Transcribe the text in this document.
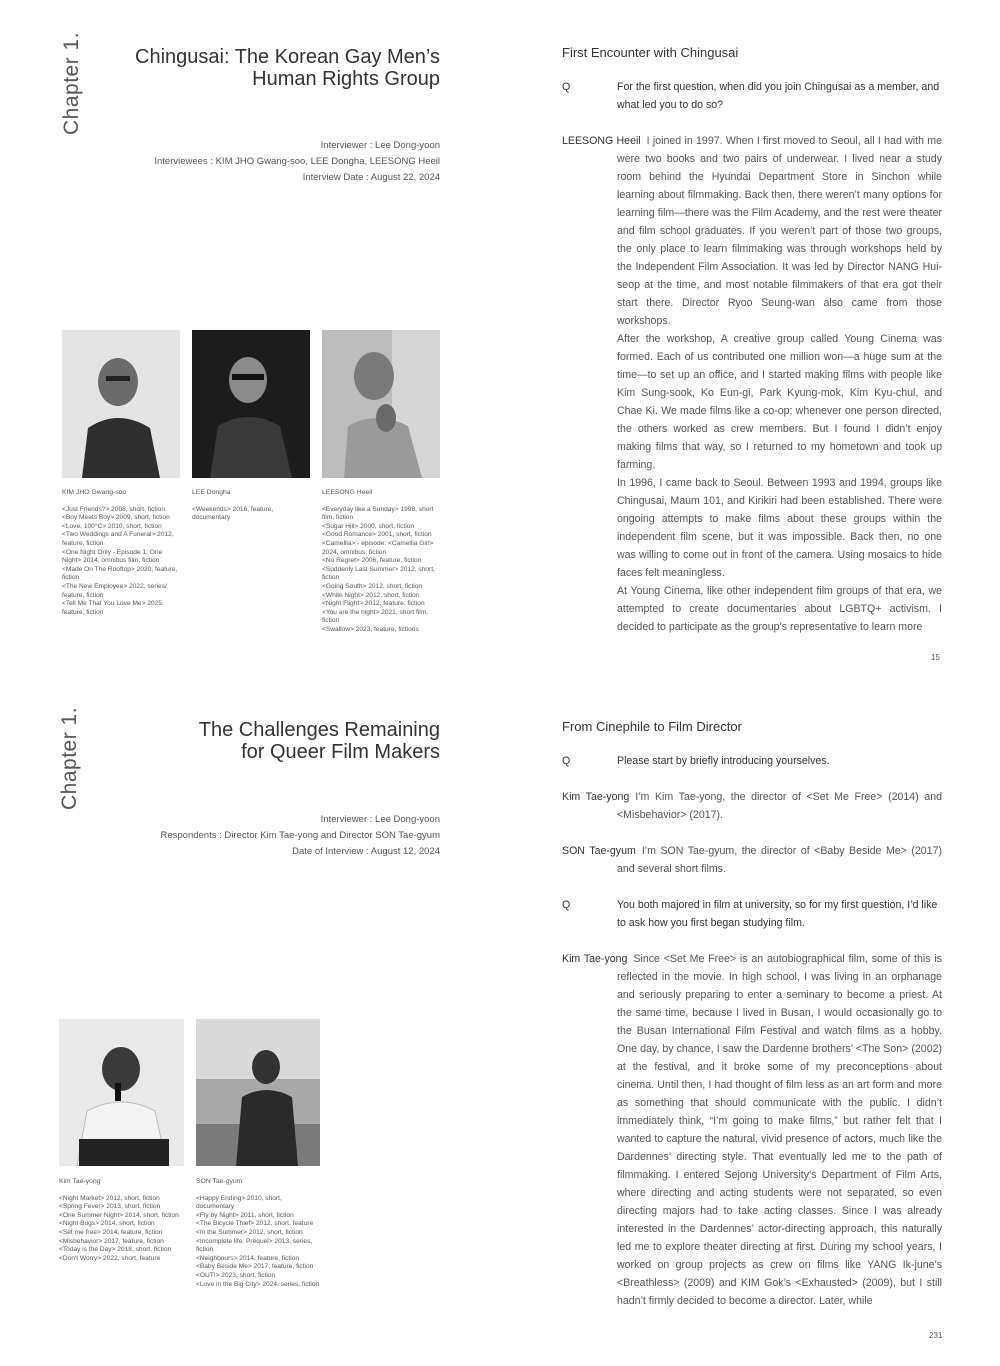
Chapter 1.	Chingusai: The Korean Gay Men’s
Human Rights Group
Interviewer : Lee Dong-yoon
Interviewees : KIM JHO Gwang-soo, LEE Dongha, LEESONG Heeil
Interview Date : August 22, 2024
KIM JHO Gwang-soo
<Just Friends?> 2008, short, fiction
<Boy Meets Boy> 2009, short, fiction
<Love, 100°C> 2010, short, fiction
<Two Weddings and A Funeral> 2012, feature, fiction
<One Night Only - Episode 1: One Night> 2014, omnibus film, fiction
<Made On The Rooftop> 2020, feature, fiction
<The New Employee> 2022, series/ feature, fiction
<Tell Me That You Love Me> 2025, feature, fiction
LEE Dongha
<Weekends> 2016, feature, documentary
LEESONG Heeil
<Everyday like a Sunday> 1998, short film, fiction
<Sugar Hill> 2000, short, fiction
<Good Romance> 2001, short, fiction
<Camellia> - episode: <Camellia Girl> 2024, omnibus, fiction
<No Regret> 2006, feature, fiction
<Suddenly Last Summer> 2012, short, fiction
<Going South> 2012, short, fiction
<White Night> 2012, short, fiction
<Night Flight> 2012, feature, fiction
<You are the night> 2021, short film, fiction
<Swallow> 2023, feature, fictions
First Encounter with Chingusai
Q	For the first question, when did you join Chingusai as a member, and what led you to do so?

LEESONG Heeil I joined in 1997. When I first moved to Seoul, all I had with me were two books and two pairs of underwear. I lived near a study room behind the Hyundai Department Store in Sinchon while learning about filmmaking. Back then, there weren’t many options for learning film—there was the Film Academy, and the rest were theater and film school graduates. If you weren’t part of those two groups, the only place to learn filmmaking was through workshops held by the Independent Film Association. It was led by Director NANG Hui-seop at the time, and most notable filmmakers of that era got their start there. Director Ryoo Seung-wan also came from those workshops.

After the workshop, A creative group called Young Cinema was formed. Each of us contributed one million won—a huge sum at the time—to set up an office, and I started making films with people like Kim Sung-sook, Ko Eun-gi, Park Kyung-mok, Kim Kyu-chul, and Chae Ki. We made films like a co-op; whenever one person directed, the others worked as crew members. But I found I didn’t enjoy making films that way, so I returned to my hometown and took up farming.

In 1996, I came back to Seoul. Between 1993 and 1994, groups like Chingusai, Maum 101, and Kirikiri had been established. There were ongoing attempts to make films about these groups within the independent film scene, but it was impossible. Back then, no one was willing to come out in front of the camera. Using mosaics to hide faces felt meaningless.

At Young Cinema, like other independent film groups of that era, we attempted to create documentaries about LGBTQ+ activism. I decided to participate as the group’s representative to learn more

15
Chapter 1.	The Challenges Remaining
for Queer Film Makers
Interviewer : Lee Dong-yoon
Respondents : Director Kim Tae-yong and Director SON Tae-gyum
Date of Interview : August 12, 2024
Kim Tae-yong
<Night Market> 2012, short, fiction
<Spring Fever> 2013, short, fiction
<One Summer Night> 2014, short, fiction
<Night Bugs> 2014, short, fiction
<Set me free> 2014, feature, fiction
<Misbehavior> 2017, feature, fiction
<Today is the Day> 2018, short, fiction
<Don't Worry> 2022, short, feature
SON Tae-gyum
<Happy Ending> 2010, short, documentary
<Fly by Night> 2011, short, fiction
<The Bicycle Thief> 2012, short, feature
<In the Summer> 2012, short, fiction
<Incomplete life: Prequel> 2013, series, fiction
<Neighbours> 2014, feature, fiction
<Baby Beside Me> 2017, feature, fiction
<OUT!> 2023, short, fiction
<Love in the Big City> 2024, series, fiction
From Cinephile to Film Director
Q	Please start by briefly introducing yourselves.

Kim Tae-yong I’m Kim Tae-yong, the director of <Set Me Free> (2014) and <Misbehavior> (2017).

SON Tae-gyum I’m SON Tae-gyum, the director of <Baby Beside Me> (2017) and several short films.

Q	You both majored in film at university, so for my first question, I’d like to ask how you first began studying film.

Kim Tae-yong Since <Set Me Free> is an autobiographical film, some of this is reflected in the movie. In high school, I was living in an orphanage and seriously preparing to enter a seminary to become a priest. At the same time, because I lived in Busan, I would occasionally go to the Busan International Film Festival and watch films as a hobby. One day, by chance, I saw the Dardenne brothers’ <The Son> (2002) at the festival, and it broke some of my preconceptions about cinema. Until then, I had thought of film less as an art form and more as something that should communicate with the public. I didn’t immediately think, “I’m going to make films,” but rather felt that I wanted to capture the natural, vivid presence of actors, much like the Dardennes’ directing style. That eventually led me to the path of filmmaking. I entered Sejong University’s Department of Film Arts, where directing and acting students were not separated, so even directing majors had to take acting classes. Since I was already interested in the Dardennes’ actor-directing approach, this naturally led me to explore theater directing at first. During my school years, I worked on group projects as crew on films like YANG Ik-june’s <Breathless> (2009) and KIM Gok’s <Exhausted> (2009), but I still hadn’t firmly decided to become a director. Later, while

231
